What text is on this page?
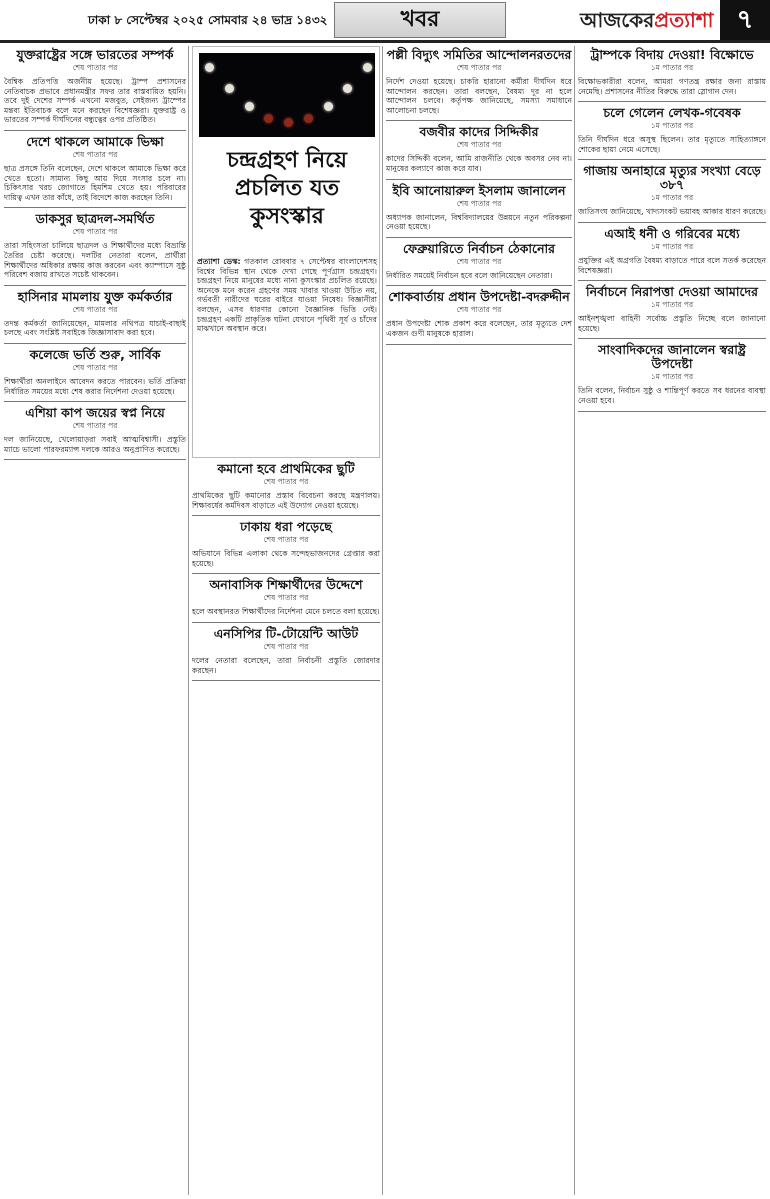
ঢাকা ৮ সেপ্টেম্বর ২০২৫ সোমবার ২৪ ভাদ্র ১৪৩২	খবর	আজকেরপ্রত্যাশা ৭
যুক্তরাষ্ট্রের সঙ্গে ভারতের সম্পর্ক
শেষ পাতার পর

বৈশ্বিক প্রতিপত্তি অর্জনীয় হয়েছে। ট্রাম্প প্রশাসনের নেতিবাচক প্রভাবে প্রধানমন্ত্রীর সফর তার বাস্তবায়িত হয়নি। তবে দুই দেশের সম্পর্ক এখনো মজবুত, সেইজন্য ট্রাম্পের মন্তব্য ইতিবাচক বলে মনে করছেন বিশেষজ্ঞরা। যুক্তরাষ্ট্র ও ভারতের সম্পর্ক দীর্ঘদিনের বন্ধুত্বের ওপর প্রতিষ্ঠিত।

দেশে থাকলে আমাকে ভিক্ষা
শেষ পাতার পর

ছাত্র প্রসঙ্গে তিনি বলেছেন, দেশে থাকলে আমাকে ভিক্ষা করে খেতে হতো। সামান্য কিছু আয় দিয়ে সংসার চলে না। চিকিৎসার খরচ জোগাতে হিমশিম খেতে হয়। পরিবারের দায়িত্ব এখন তার কাঁধে, তাই বিদেশে কাজ করছেন তিনি।

ডাকসুর ছাত্রদল-সমর্থিত
শেষ পাতার পর

তারা সহিংসতা চালিয়ে ছাত্রদল ও শিক্ষার্থীদের মধ্যে বিভ্রান্তি তৈরির চেষ্টা করেছে। দলটির নেতারা বলেন, প্রার্থীরা শিক্ষার্থীদের অধিকার রক্ষায় কাজ করবেন এবং ক্যাম্পাসে সুষ্ঠু পরিবেশ বজায় রাখতে সচেষ্ট থাকবেন।

হাসিনার মামলায় যুক্ত কর্মকর্তার
শেষ পাতার পর

তদন্ত কর্মকর্তা জানিয়েছেন, মামলার নথিপত্র যাচাই-বাছাই চলছে এবং সংশ্লিষ্ট সবাইকে জিজ্ঞাসাবাদ করা হবে।

কলেজে ভর্তি শুরু, সার্বিক
শেষ পাতার পর

শিক্ষার্থীরা অনলাইনে আবেদন করতে পারবেন। ভর্তি প্রক্রিয়া নির্ধারিত সময়ের মধ্যে শেষ করার নির্দেশনা দেওয়া হয়েছে।

এশিয়া কাপ জয়ের স্বপ্ন নিয়ে
শেষ পাতার পর

দল জানিয়েছে, খেলোয়াড়রা সবাই আত্মবিশ্বাসী। প্রস্তুতি ম্যাচে ভালো পারফরম্যান্স দলকে আরও অনুপ্রাণিত করেছে।

চন্দ্রগ্রহণ নিয়ে প্রচলিত যত কুসংস্কার

প্রত্যাশা ডেস্ক: গতকাল রোববার ৭ সেপ্টেম্বর বাংলাদেশসহ বিশ্বের বিভিন্ন স্থান থেকে দেখা গেছে পূর্ণগ্রাস চন্দ্রগ্রহণ। চন্দ্রগ্রহণ নিয়ে মানুষের মধ্যে নানা কুসংস্কার প্রচলিত রয়েছে। অনেকে মনে করেন গ্রহণের সময় খাবার খাওয়া উচিত নয়, গর্ভবতী নারীদের ঘরের বাইরে যাওয়া নিষেধ। বিজ্ঞানীরা বলছেন, এসব ধারণার কোনো বৈজ্ঞানিক ভিত্তি নেই। চন্দ্রগ্রহণ একটি প্রাকৃতিক ঘটনা যেখানে পৃথিবী সূর্য ও চাঁদের মাঝখানে অবস্থান করে।

কমানো হবে প্রাথমিকের ছুটি
শেষ পাতার পর

প্রাথমিকের ছুটি কমানোর প্রস্তাব বিবেচনা করছে মন্ত্রণালয়। শিক্ষাবর্ষের কর্মদিবস বাড়াতে এই উদ্যোগ নেওয়া হয়েছে।

ঢাকায় ধরা পড়েছে
শেষ পাতার পর

অভিযানে বিভিন্ন এলাকা থেকে সন্দেহভাজনদের গ্রেপ্তার করা হয়েছে।

অনাবাসিক শিক্ষার্থীদের উদ্দেশে
শেষ পাতার পর

হলে অবস্থানরত শিক্ষার্থীদের নির্দেশনা মেনে চলতে বলা হয়েছে।

এনসিপির টি-টোয়েন্টি আউট
শেষ পাতার পর

দলের নেতারা বলেছেন, তারা নির্বাচনী প্রস্তুতি জোরদার করছেন।

পল্লী বিদ্যুৎ সমিতির আন্দোলনরতদের
শেষ পাতার পর

নির্দেশ দেওয়া হয়েছে। চাকরি হারানো কর্মীরা দীর্ঘদিন ধরে আন্দোলন করছেন। তারা বলছেন, বৈষম্য দূর না হলে আন্দোলন চলবে। কর্তৃপক্ষ জানিয়েছে, সমস্যা সমাধানে আলোচনা চলছে।

বজবীর কাদের সিদ্দিকীর
শেষ পাতার পর

কাদের সিদ্দিকী বলেন, আমি রাজনীতি থেকে অবসর নেব না। মানুষের কল্যাণে কাজ করে যাব।

ইবি আনোয়ারুল ইসলাম জানালেন
শেষ পাতার পর

অধ্যাপক জানালেন, বিশ্ববিদ্যালয়ের উন্নয়নে নতুন পরিকল্পনা নেওয়া হয়েছে।

ফেব্রুয়ারিতে নির্বাচন ঠেকানোর
শেষ পাতার পর

নির্ধারিত সময়েই নির্বাচন হবে বলে জানিয়েছেন নেতারা।

শোকবার্তায় প্রধান উপদেষ্টা-বদরুদ্দীন
শেষ পাতার পর

প্রধান উপদেষ্টা শোক প্রকাশ করে বলেছেন, তার মৃত্যুতে দেশ একজন গুণী মানুষকে হারাল।

ট্রাম্পকে বিদায় দেওয়া! বিক্ষোভে
১ম পাতার পর

বিক্ষোভকারীরা বলেন, আমরা গণতন্ত্র রক্ষার জন্য রাস্তায় নেমেছি। প্রশাসনের নীতির বিরুদ্ধে তারা স্লোগান দেন।

চলে গেলেন লেখক-গবেষক
১ম পাতার পর

তিনি দীর্ঘদিন ধরে অসুস্থ ছিলেন। তার মৃত্যুতে সাহিত্যাঙ্গনে শোকের ছায়া নেমে এসেছে।

গাজায় অনাহারে মৃত্যুর সংখ্যা বেড়ে ৩৮৭
১ম পাতার পর

জাতিসংঘ জানিয়েছে, খাদ্যসংকট ভয়াবহ আকার ধারণ করেছে।

এআই ধনী ও গরিবের মধ্যে
১ম পাতার পর

প্রযুক্তির এই অগ্রগতি বৈষম্য বাড়াতে পারে বলে সতর্ক করেছেন বিশেষজ্ঞরা।

নির্বাচনে নিরাপত্তা দেওয়া আমাদের
১ম পাতার পর

আইনশৃঙ্খলা বাহিনী সর্বোচ্চ প্রস্তুতি নিচ্ছে বলে জানানো হয়েছে।

সাংবাদিকদের জানালেন স্বরাষ্ট্র উপদেষ্টা
১ম পাতার পর

তিনি বলেন, নির্বাচন সুষ্ঠু ও শান্তিপূর্ণ করতে সব ধরনের ব্যবস্থা নেওয়া হবে।
